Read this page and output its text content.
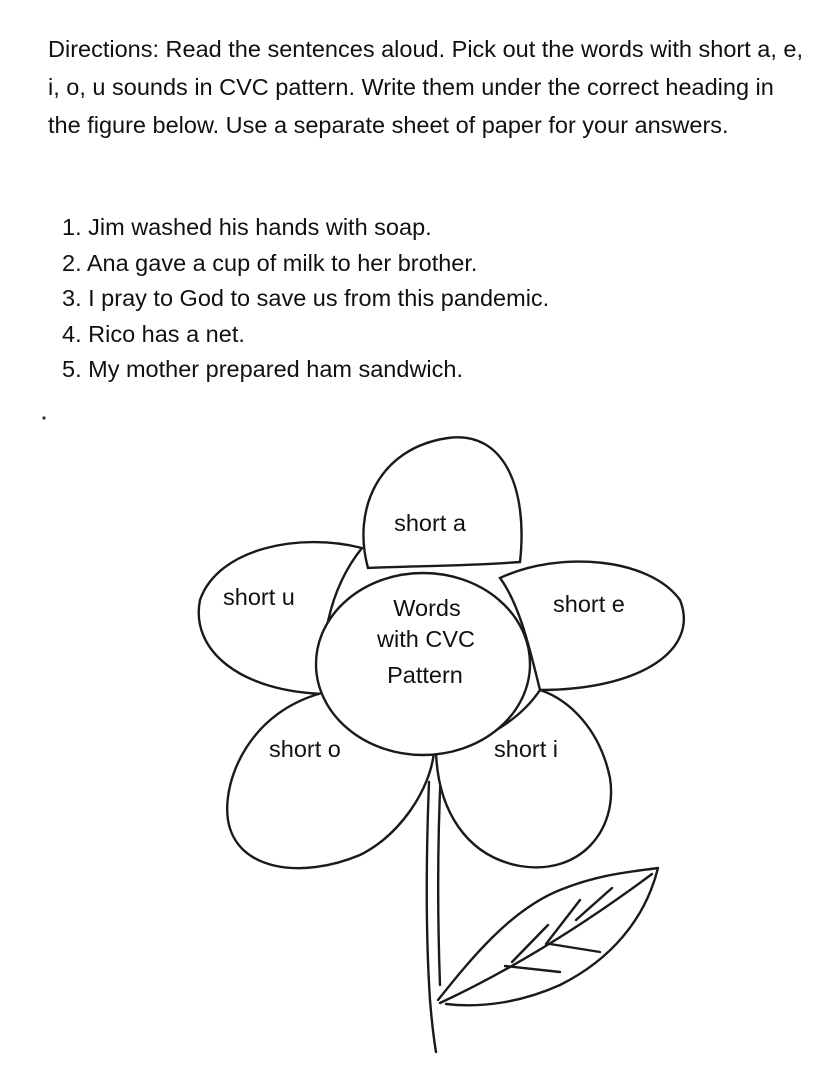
Directions: Read the sentences aloud. Pick out the words with short a, e, i, o, u sounds in CVC pattern. Write them under the correct heading in the figure below. Use a separate sheet of paper for your answers.

1. Jim washed his hands with soap.
2. Ana gave a cup of milk to her brother.
3. I pray to God to save us from this pandemic.
4. Rico has a net.
5. My mother prepared ham sandwich.
short a
short u	short e
short o	short i
Words
with CVC
Pattern
